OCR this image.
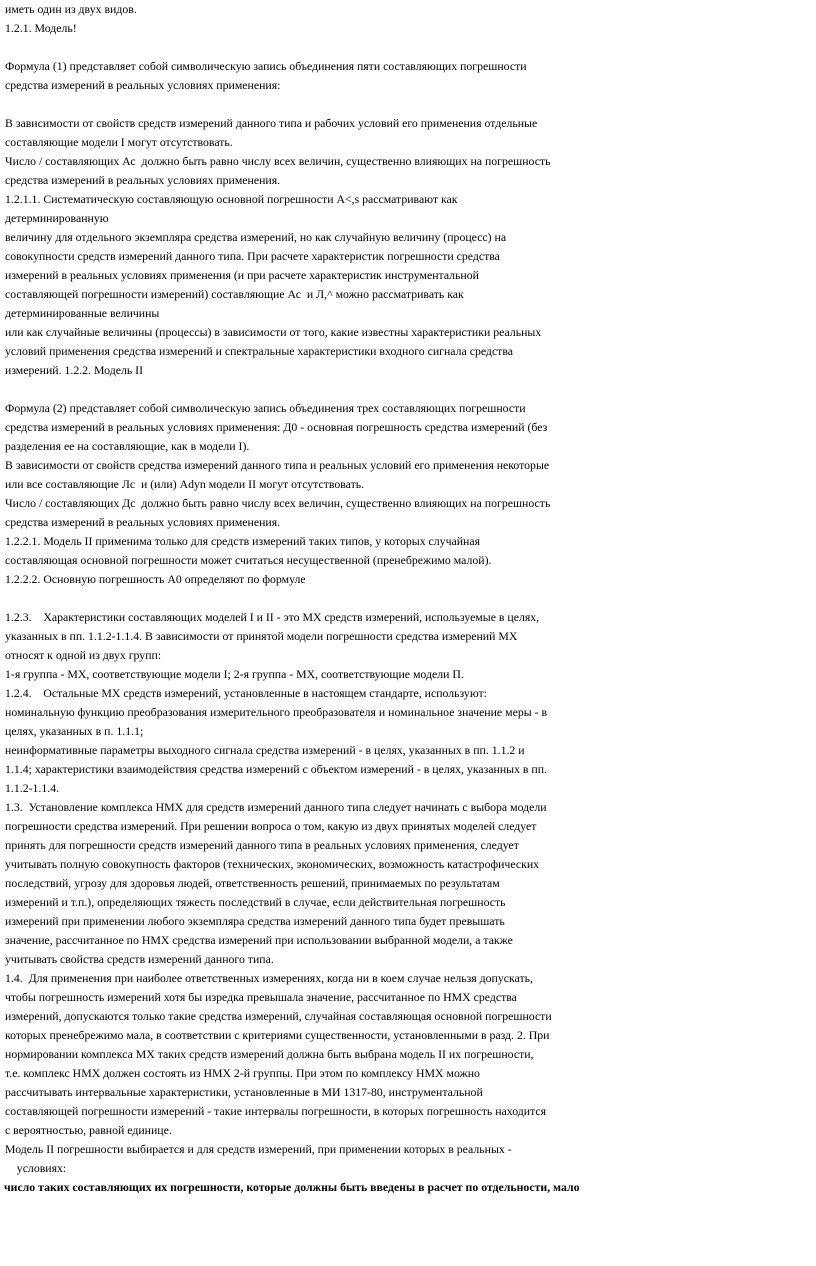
иметь один из двух видов.
1.2.1. Модель!
Формула (1) представляет собой символическую запись объединения пяти составляющих погрешности
средства измерений в реальных условиях применения:
В зависимости от свойств средств измерений данного типа и рабочих условий его применения отдельные
составляющие модели I могут отсутствовать.
Число / составляющих Ас  должно быть равно числу всех величин, существенно влияющих на погрешность
средства измерений в реальных условиях применения.
1.2.1.1. Систематическую составляющую основной погрешности А<,s рассматривают как
детерминированную
величину для отдельного экземпляра средства измерений, но как случайную величину (процесс) на
совокупности средств измерений данного типа. При расчете характеристик погрешности средства
измерений в реальных условиях применения (и при расчете характеристик инструментальной
составляющей погрешности измерений) составляющие Ас  и Л,^ можно рассматривать как
детерминированные величины
или как случайные величины (процессы) в зависимости от того, какие известны характеристики реальных
условий применения средства измерений и спектральные характеристики входного сигнала средства
измерений. 1.2.2. Модель II
Формула (2) представляет собой символическую запись объединения трех составляющих погрешности
средства измерений в реальных условиях применения: Д0 - основная погрешность средства измерений (без
разделения ее на составляющие, как в модели I).
В зависимости от свойств средства измерений данного типа и реальных условий его применения некоторые
или все составляющие Лс  и (или) Adyn модели II могут отсутствовать.
Число / составляющих Дс  должно быть равно числу всех величин, существенно влияющих на погрешность
средства измерений в реальных условиях применения.
1.2.2.1. Модель II применима только для средств измерений таких типов, у которых случайная
составляющая основной погрешности может считаться несущественной (пренебрежимо малой).
1.2.2.2. Основную погрешность А0 определяют по формуле
1.2.3.    Характеристики составляющих моделей I и II - это MX средств измерений, используемые в целях,
указанных в пп. 1.1.2-1.1.4. В зависимости от принятой модели погрешности средства измерений MX
относят к одной из двух групп:
1-я группа - MX, соответствующие модели I; 2-я группа - MX, соответствующие модели П.
1.2.4.    Остальные MX средств измерений, установленные в настоящем стандарте, используют:
номинальную функцию преобразования измерительного преобразователя и номинальное значение меры - в
целях, указанных в п. 1.1.1;
неинформативные параметры выходного сигнала средства измерений - в целях, указанных в пп. 1.1.2 и
1.1.4; характеристики взаимодействия средства измерений с объектом измерений - в целях, указанных в пп.
1.1.2-1.1.4.
1.3.  Установление комплекса НМХ для средств измерений данного типа следует начинать с выбора модели
погрешности средства измерений. При решении вопроса о том, какую из двух принятых моделей следует
принять для погрешности средств измерений данного типа в реальных условиях применения, следует
учитывать полную совокупность факторов (технических, экономических, возможность катастрофических
последствий, угрозу для здоровья людей, ответственность решений, принимаемых по результатам
измерений и т.п.), определяющих тяжесть последствий в случае, если действительная погрешность
измерений при применении любого экземпляра средства измерений данного типа будет превышать
значение, рассчитанное по НМХ средства измерений при использовании выбранной модели, а также
учитывать свойства средств измерений данного типа.
1.4.  Для применения при наиболее ответственных измерениях, когда ни в коем случае нельзя допускать,
чтобы погрешность измерений хотя бы изредка превышала значение, рассчитанное по НМХ средства
измерений, допускаются только такие средства измерений, случайная составляющая основной погрешности
которых пренебрежимо мала, в соответствии с критериями существенности, установленными в разд. 2. При
нормировании комплекса MX таких средств измерений должна быть выбрана модель II их погрешности,
т.е. комплекс НМХ должен состоять из НМХ 2-й группы. При этом по комплексу НМХ можно
рассчитывать интервальные характеристики, установленные в МИ 1317-80, инструментальной
составляющей погрешности измерений - такие интервалы погрешности, в которых погрешность находится
с вероятностью, равной единице.
Модель II погрешности выбирается и для средств измерений, при применении которых в реальных -
условиях:
число таких составляющих их погрешности, которые должны быть введены в расчет по отдельности, мало
